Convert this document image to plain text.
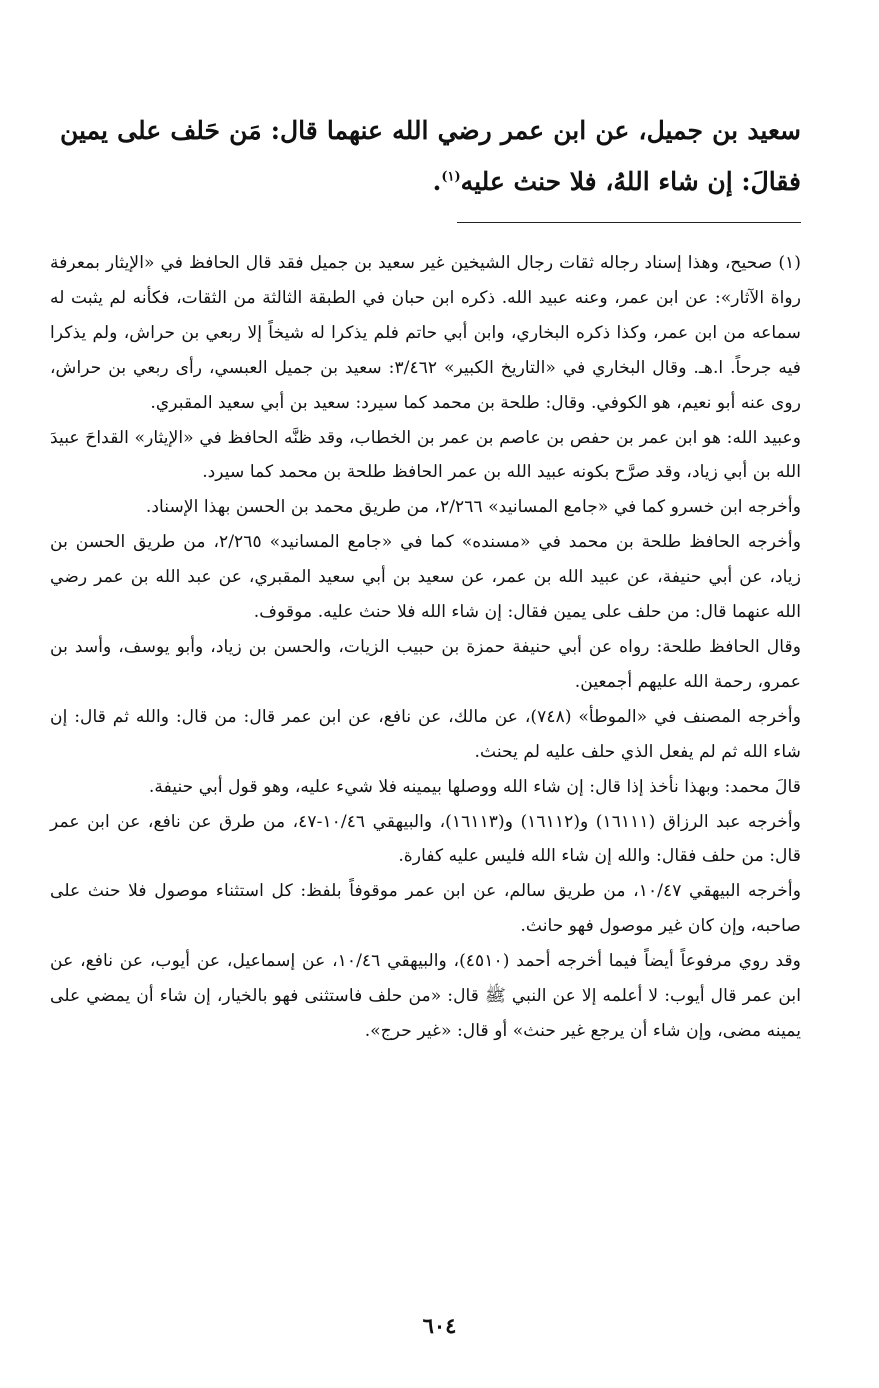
سعيد بن جميل، عن ابن عمر رضي الله عنهما قال: مَن حَلف على يمين فقالَ: إن شاء اللهُ، فلا حنث عليه$^{(١)}$.

(١) صحيح، وهذا إسناد رجاله ثقات رجال الشيخين غير سعيد بن جميل فقد قال الحافظ في «الإيثار بمعرفة رواة الآثار»: عن ابن عمر، وعنه عبيد الله. ذكره ابن حبان في الطبقة الثالثة من الثقات، فكأنه لم يثبت له سماعه من ابن عمر، وكذا ذكره البخاري، وابن أبي حاتم فلم يذكرا له شيخاً إلا ربعي بن حراش، ولم يذكرا فيه جرحاً. ا.هـ. وقال البخاري في «التاريخ الكبير» ٣/٤٦٢: سعيد بن جميل العبسي، رأى ربعي بن حراش، روى عنه أبو نعيم، هو الكوفي. وقال: طلحة بن محمد كما سيرد: سعيد بن أبي سعيد المقبري.

وعبيد الله: هو ابن عمر بن حفص بن عاصم بن عمر بن الخطاب، وقد ظنَّه الحافظ في «الإيثار» القداحَ عبيدَ الله بن أبي زياد، وقد صرَّح بكونه عبيد الله بن عمر الحافظ طلحة بن محمد كما سيرد.

وأخرجه ابن خسرو كما في «جامع المسانيد» ٢/٢٦٦، من طريق محمد بن الحسن بهذا الإسناد.

وأخرجه الحافظ طلحة بن محمد في «مسنده» كما في «جامع المسانيد» ٢/٢٦٥، من طريق الحسن بن زياد، عن أبي حنيفة، عن عبيد الله بن عمر، عن سعيد بن أبي سعيد المقبري، عن عبد الله بن عمر رضي الله عنهما قال: من حلف على يمين فقال: إن شاء الله فلا حنث عليه. موقوف.

وقال الحافظ طلحة: رواه عن أبي حنيفة حمزة بن حبيب الزيات، والحسن بن زياد، وأبو يوسف، وأسد بن عمرو، رحمة الله عليهم أجمعين.

وأخرجه المصنف في «الموطأ» (٧٤٨)، عن مالك، عن نافع، عن ابن عمر قال: من قال: والله ثم قال: إن شاء الله ثم لم يفعل الذي حلف عليه لم يحنث.

قالَ محمد: وبهذا نأخذ إذا قال: إن شاء الله ووصلها بيمينه فلا شيء عليه، وهو قول أبي حنيفة.

وأخرجه عبد الرزاق (١٦١١١) و(١٦١١٢) و(١٦١١٣)، والبيهقي ١٠/٤٦-٤٧، من طرق عن نافع، عن ابن عمر قال: من حلف فقال: والله إن شاء الله فليس عليه كفارة.

وأخرجه البيهقي ١٠/٤٧، من طريق سالم، عن ابن عمر موقوفاً بلفظ: كل استثناء موصول فلا حنث على صاحبه، وإن كان غير موصول فهو حانث.

وقد روي مرفوعاً أيضاً فيما أخرجه أحمد (٤٥١٠)، والبيهقي ١٠/٤٦، عن إسماعيل، عن أيوب، عن نافع، عن ابن عمر قال أيوب: لا أعلمه إلا عن النبي ﷺ قال: «من حلف فاستثنى فهو بالخيار، إن شاء أن يمضي على يمينه مضى، وإن شاء أن يرجع غير حنث» أو قال: «غير حرج».

٦٠٤
